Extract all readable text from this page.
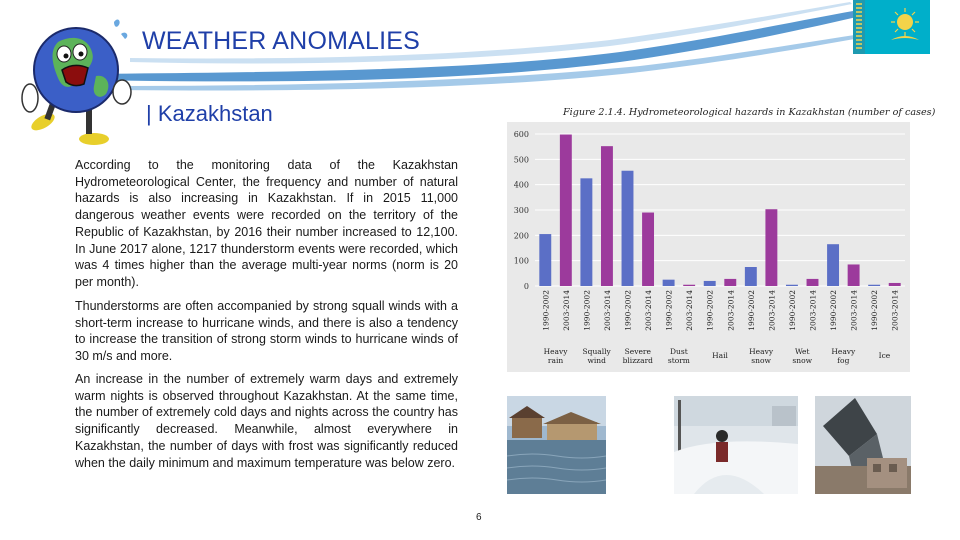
WEATHER ANOMALIES
| Kazakhstan
According to the monitoring data of the Kazakhstan Hydrometeorological Center, the frequency and number of natural hazards is also increasing in Kazakhstan. If in 2015 11,000 dangerous weather events were recorded on the territory of the Republic of Kazakhstan, by 2016 their number increased to 12,100. In June 2017 alone, 1217 thunderstorm events were recorded, which was 4 times higher than the average multi-year norms (norm is 20 per month).
Thunderstorms are often accompanied by strong squall winds with a short-term increase to hurricane winds, and there is also a tendency to increase the transition of strong storm winds to hurricane winds of 30 m/s and more.
An increase in the number of extremely warm days and extremely warm nights is observed throughout Kazakhstan. At the same time, the number of extremely cold days and nights across the country has significantly decreased. Meanwhile, almost everywhere in Kazakhstan, the number of days with frost was significantly reduced when the daily minimum and maximum temperature was below zero.
Figure 2.1.4. Hydrometeorological hazards in Kazakhstan (number of cases)
0
100
200
300
400
500
600
1990-2002 2003-2014
Heavy
rain
1990-2002 2003-2014
Squally
wind
1990-2002 2003-2014
Severe
blizzard
1990-2002 2003-2014
Dust
storm
1990-2002 2003-2014
Hail
1990-2002 2003-2014
Heavy
snow
1990-2002 2003-2014
Wet
snow
1990-2002 2003-2014
Heavy
fog
1990-2002 2003-2014
Ice
6
